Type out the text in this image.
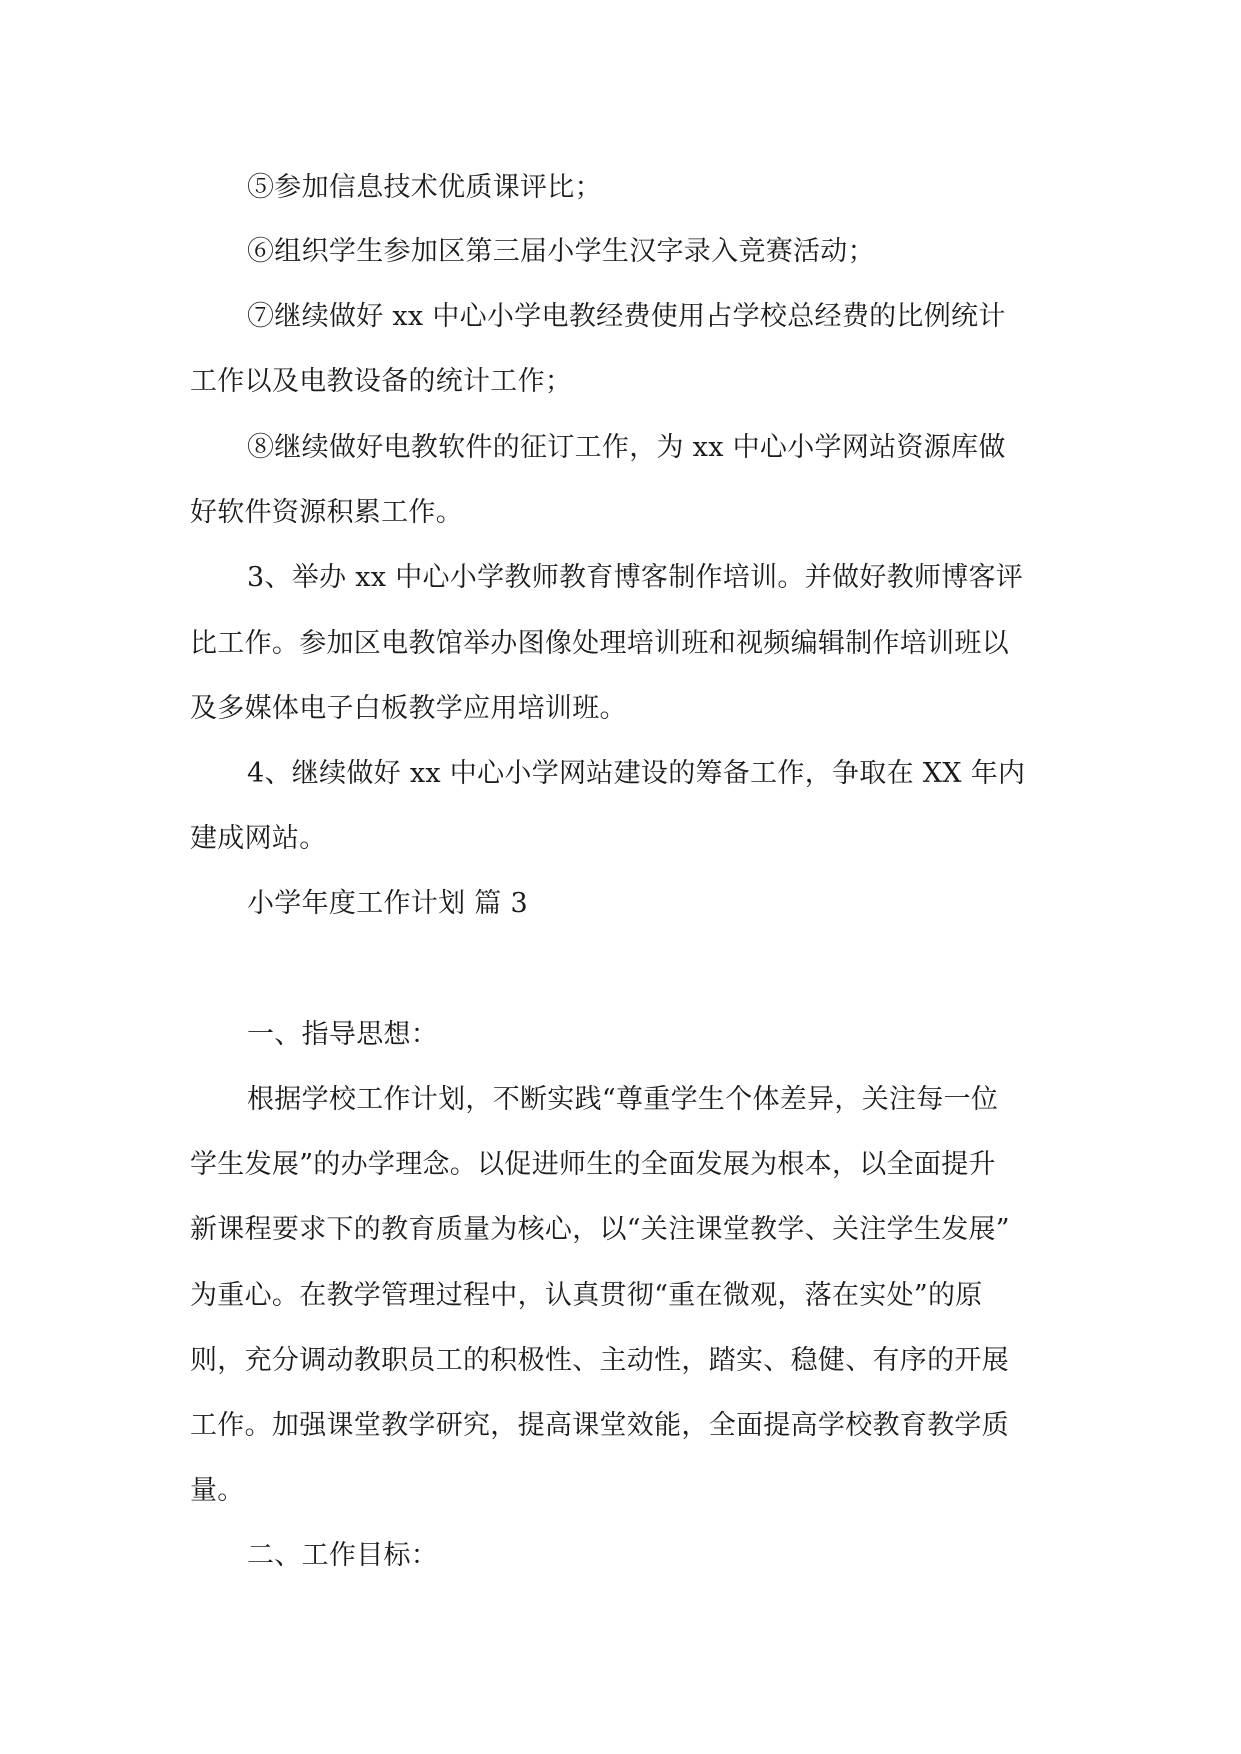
⑤参加信息技术优质课评比；
⑥组织学生参加区第三届小学生汉字录入竞赛活动；
⑦继续做好 xx 中心小学电教经费使用占学校总经费的比例统计
工作以及电教设备的统计工作；
⑧继续做好电教软件的征订工作，为 xx 中心小学网站资源库做
好软件资源积累工作。
3、举办 xx 中心小学教师教育博客制作培训。并做好教师博客评
比工作。参加区电教馆举办图像处理培训班和视频编辑制作培训班以
及多媒体电子白板教学应用培训班。
4、继续做好 xx 中心小学网站建设的筹备工作，争取在 XX 年内
建成网站。
小学年度工作计划 篇 3
一、指导思想：
根据学校工作计划，不断实践“尊重学生个体差异，关注每一位
学生发展”的办学理念。以促进师生的全面发展为根本，以全面提升
新课程要求下的教育质量为核心，以“关注课堂教学、关注学生发展”
为重心。在教学管理过程中，认真贯彻“重在微观，落在实处”的原
则，充分调动教职员工的积极性、主动性，踏实、稳健、有序的开展
工作。加强课堂教学研究，提高课堂效能，全面提高学校教育教学质
量。
二、工作目标：
